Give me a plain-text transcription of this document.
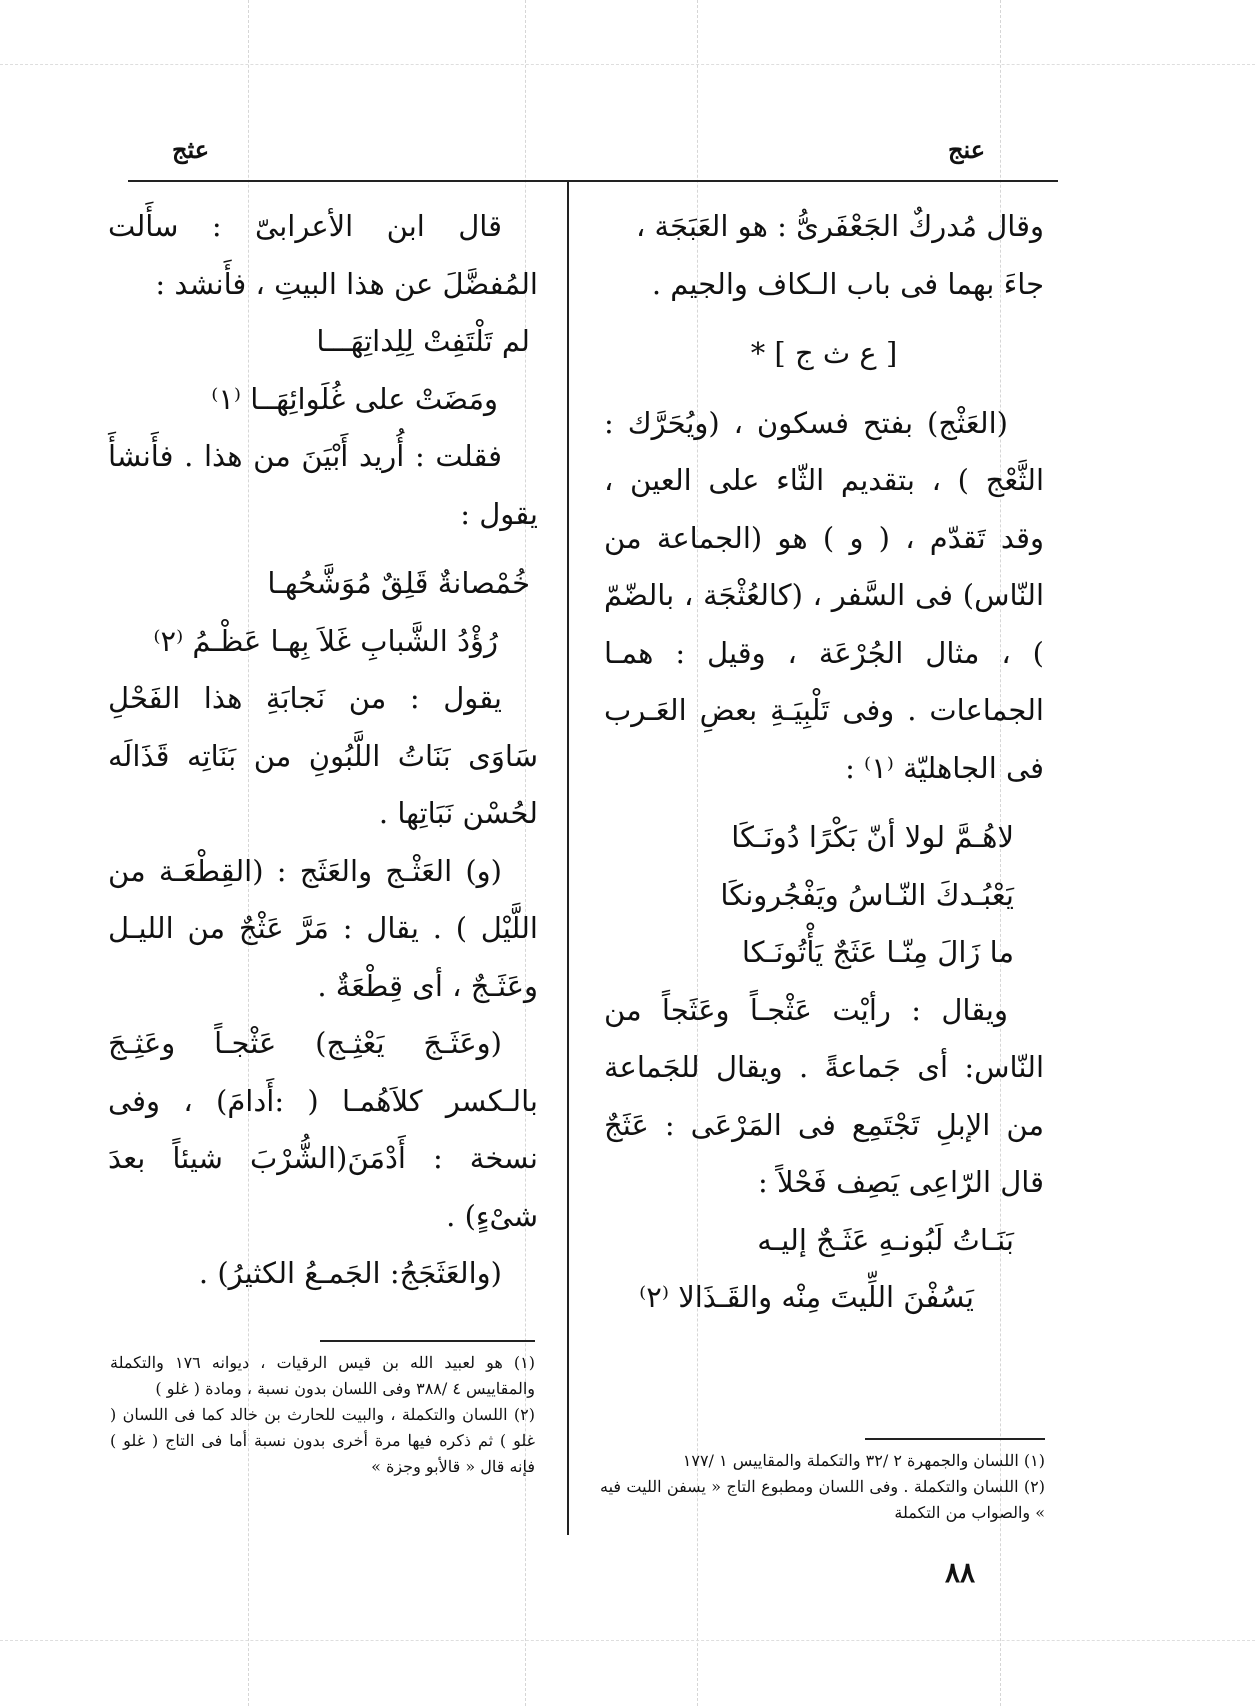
عنج
عثج

وقال مُدركٌ الجَعْفَرىُّ : هو العَبَجَة ،

جاءَ بهما فى باب الـكاف والجيم .

[ ع ث ج ] *

(العَثْج) بفتح فسكون ، (ويُحَرَّك : الثَّعْج ) ، بتقديم الثّاء على العين ، وقد تَقدّم ، ( و ) هو (الجماعة من النّاس) فى السَّفر ، (كالعُثْجَة ، بالضّمّ ) ، مثال الجُرْعَة ، وقيل : همـا الجماعات . وفى تَلْبِيَـةِ بعضِ العَـرب فى الجاهليّة ⁽١⁾ :

لاهُـمَّ لولا أنّ بَكْرًا دُونَـكَا

يَعْبُـدكَ النّـاسُ ويَفْجُرونكَا

ما زَالَ مِنّـا عَثَجٌ يَأْتُونَـكا

ويقال : رأيْت عَثْجـاً وعَثَجاً من النّاس: أى جَماعةً . ويقال للجَماعة من الإبلِ تَجْتَمِع فى المَرْعَى : عَثَجٌ قال الرّاعِى يَصِف فَحْلاً :

بَنَـاتُ لَبُونـهِ عَثَـجٌ إليـه

يَسُفْنَ اللِّيتَ مِنْه والقَـذَالا ⁽٢⁾

(١) اللسان والجمهرة ٢ /٣٢ والتكملة والمقاييس ١ /١٧٧

(٢) اللسان والتكملة . وفى اللسان ومطبوع التاج « يسفن الليت فيه » والصواب من التكملة

قال ابن الأعرابىّ : سأَلت المُفضَّلَ عن هذا البيتِ ، فأَنشد :

لم تَلْتَفِتْ لِلِداتِهَـــا

ومَضَتْ على غُلَوائِهَــا ⁽١⁾

فقلت : أُريد أَبْيَنَ من هذا . فأَنشأَ يقول :

خُمْصانةٌ قَلِقٌ مُوَشَّحُهـا

رُؤْدُ الشَّبابِ غَلاَ بِهـا عَظْـمُ ⁽٢⁾

يقول : من نَجابَةِ هذا الفَحْلِ سَاوَى بَنَاتُ اللَّبُونِ من بَنَاتِه قَذَالَه لحُسْن نَبَاتِها .

(و) العَثْـج والعَثَج : (القِطْعَـة من اللَّيْل ) . يقال : مَرَّ عَثْجٌ من الليـل وعَثَـجٌ ، أى قِطْعَةٌ .

(وعَثَـجَ يَعْثِـج) عَثْجـاً وعَثِـجَ بالـكسر كلاَهُمـا ( :أَدامَ) ، وفى نسخة : أَدْمَنَ(الشُّرْبَ شيئاً بعدَ شىْءٍ) .

(والعَثَجَجُ: الجَمـعُ الكثيرُ) .

(١) هو لعبيد الله بن قيس الرقيات ، ديوانه ١٧٦ والتكملة والمقاييس ٤ /٣٨٨ وفى اللسان بدون نسبة ، ومادة ( غلو )

(٢) اللسان والتكملة ، والبيت للحارث بن خالد كما فى اللسان ( غلو ) ثم ذكره فيها مرة أخرى بدون نسبة أما فى التاج ( غلو ) فإنه قال « قالأبو وجزة »

٨٨
